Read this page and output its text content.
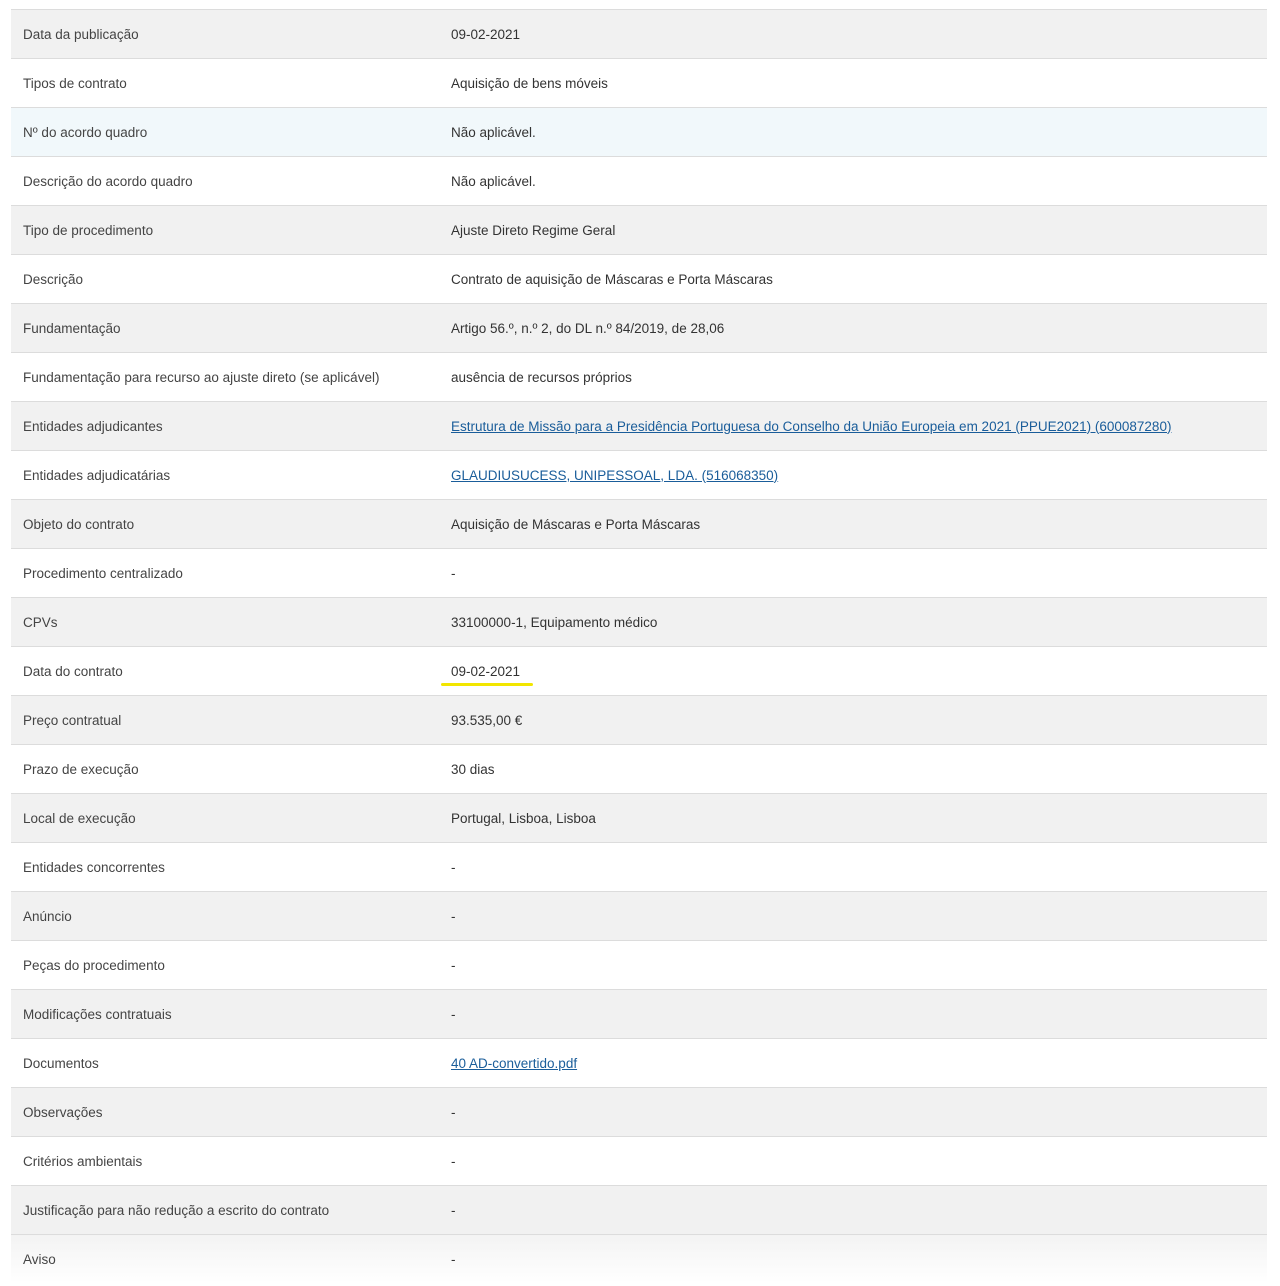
Data da publicação	09-02-2021
Tipos de contrato	Aquisição de bens móveis
Nº do acordo quadro	Não aplicável.
Descrição do acordo quadro	Não aplicável.
Tipo de procedimento	Ajuste Direto Regime Geral
Descrição	Contrato de aquisição de Máscaras e Porta Máscaras
Fundamentação	Artigo 56.º, n.º 2, do DL n.º 84/2019, de 28,06
Fundamentação para recurso ao ajuste direto (se aplicável)	ausência de recursos próprios
Entidades adjudicantes	Estrutura de Missão para a Presidência Portuguesa do Conselho da União Europeia em 2021 (PPUE2021) (600087280)
Entidades adjudicatárias	GLAUDIUSUCESS, UNIPESSOAL, LDA. (516068350)
Objeto do contrato	Aquisição de Máscaras e Porta Máscaras
Procedimento centralizado	-
CPVs	33100000-1, Equipamento médico
Data do contrato	09-02-2021
Preço contratual	93.535,00 €
Prazo de execução	30 dias
Local de execução	Portugal, Lisboa, Lisboa
Entidades concorrentes	-
Anúncio	-
Peças do procedimento	-
Modificações contratuais	-
Documentos	40 AD-convertido.pdf
Observações	-
Critérios ambientais	-
Justificação para não redução a escrito do contrato	-
Aviso	-
